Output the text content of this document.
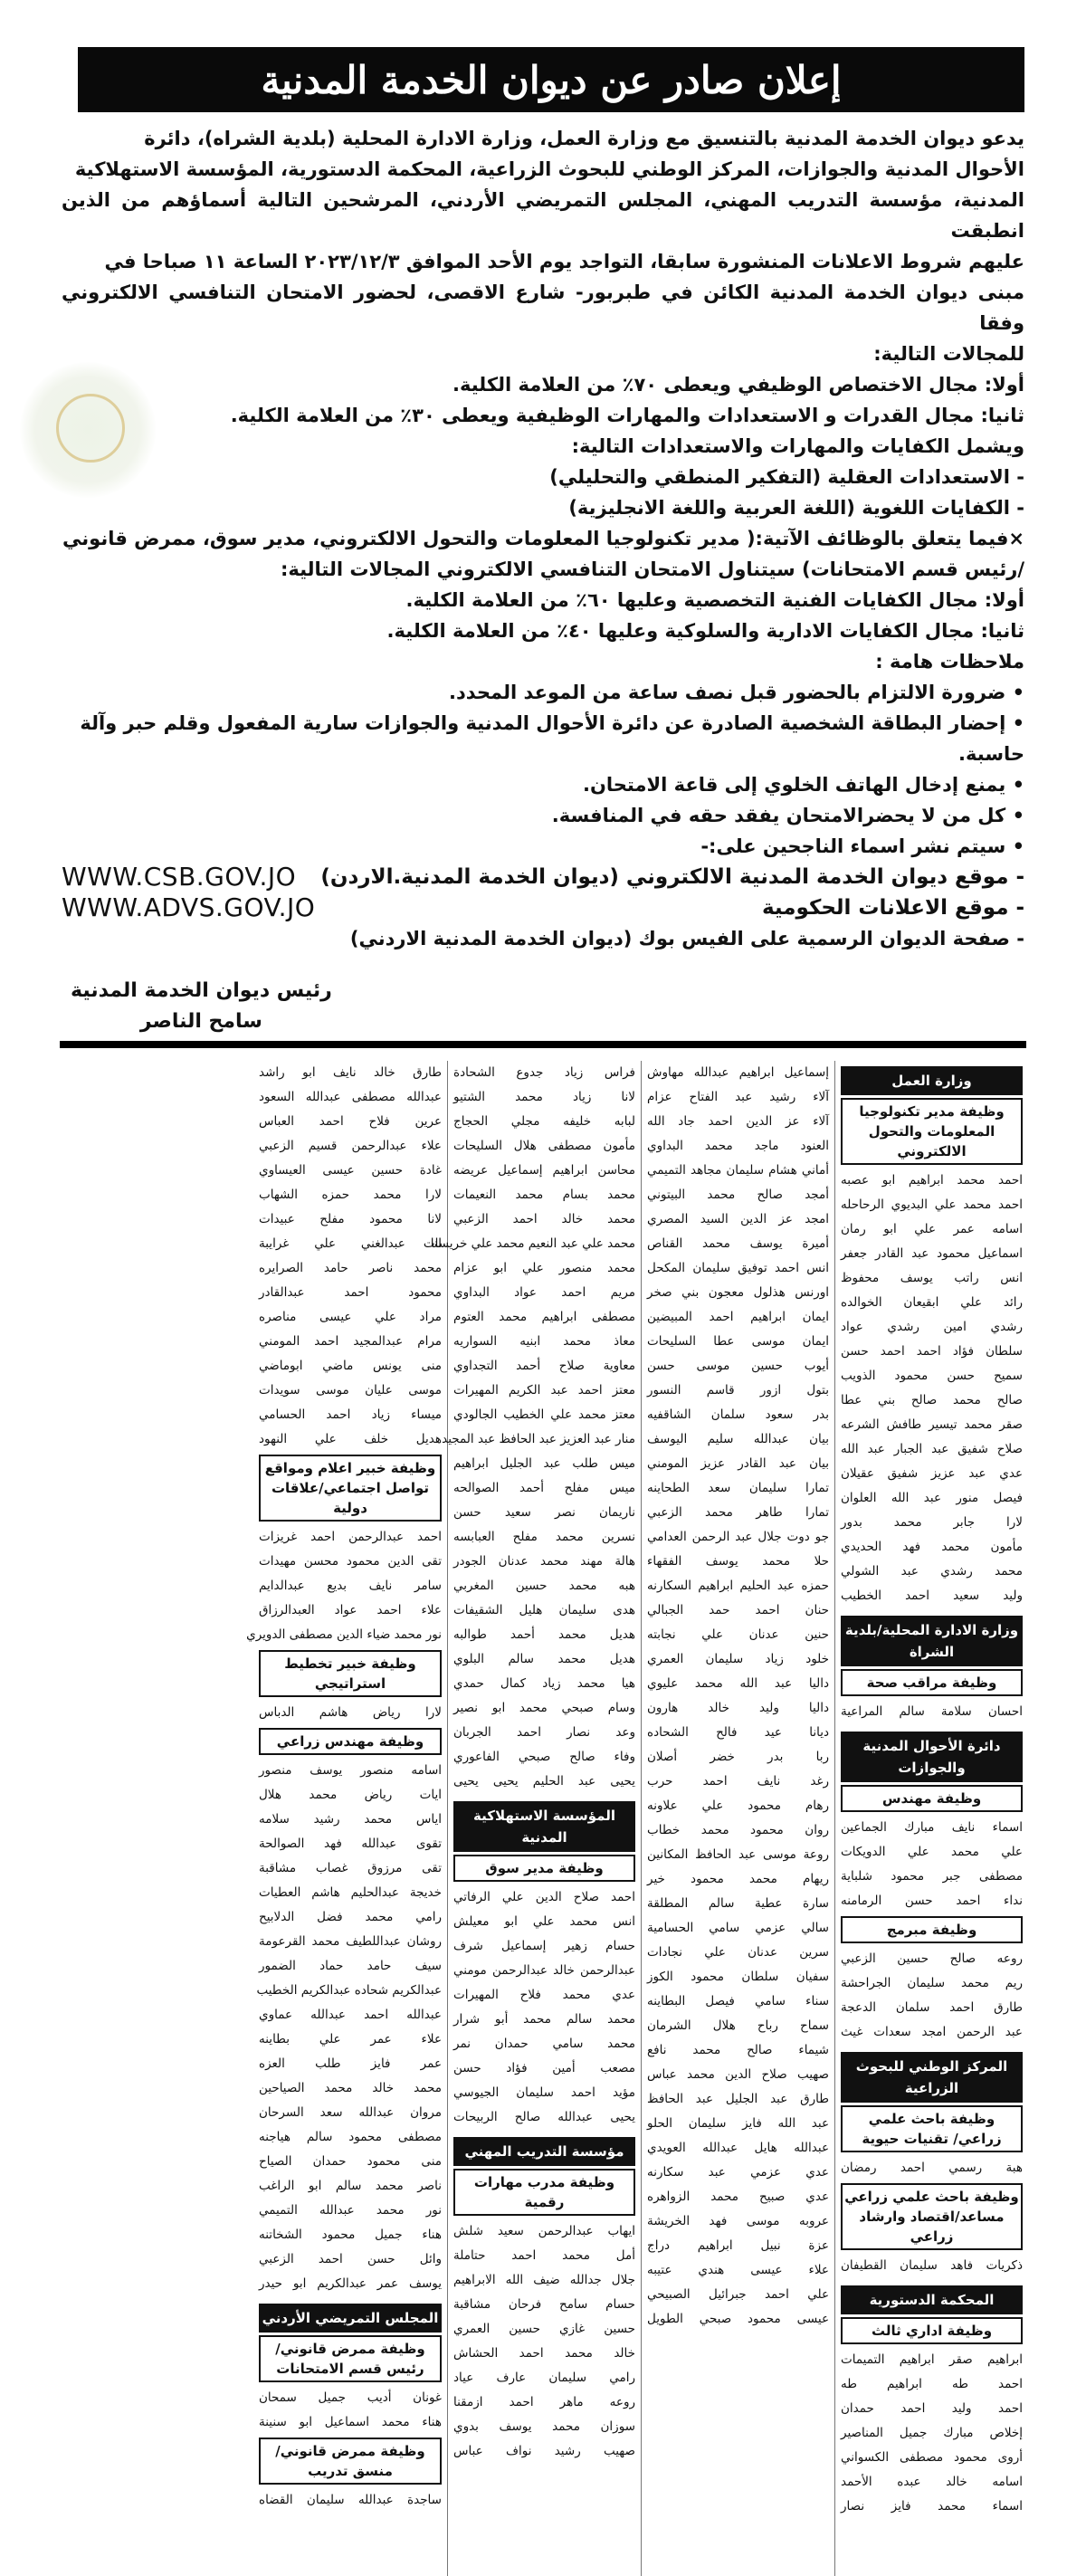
إعلان صادر عن ديوان الخدمة المدنية
يدعو ديوان الخدمة المدنية بالتنسيق مع وزارة العمل، وزارة الادارة المحلية (بلدية الشراه)، دائرة
الأحوال المدنية والجوازات، المركز الوطني للبحوث الزراعية، المحكمة الدستورية، المؤسسة الاستهلاكية
المدنية، مؤسسة التدريب المهني، المجلس التمريضي الأردني، المرشحين التالية أسماؤهم من الذين انطبقت
عليهم شروط الاعلانات المنشورة سابقا، التواجد يوم الأحد الموافق ٢٠٢٣/١٢/٣ الساعة ١١ صباحا في
مبنى ديوان الخدمة المدنية الكائن في طبربور- شارع الاقصى، لحضور الامتحان التنافسي الالكتروني وفقا
للمجالات التالية:
أولا: مجال الاختصاص الوظيفي ويعطى ٧٠٪ من العلامة الكلية.
ثانيا: مجال القدرات و الاستعدادات والمهارات الوظيفية ويعطى ٣٠٪ من العلامة الكلية.
ويشمل الكفايات والمهارات والاستعدادات التالية:
- الاستعدادات العقلية (التفكير المنطقي والتحليلي)
- الكفايات اللغوية (اللغة العربية واللغة الانجليزية)
×فيما يتعلق بالوظائف الآتية:( مدير تكنولوجيا المعلومات والتحول الالكتروني، مدير سوق، ممرض قانوني
/رئيس قسم الامتحانات) سيتناول الامتحان التنافسي الالكتروني المجالات التالية:
أولا: مجال الكفايات الفنية التخصصية وعليها ٦٠٪ من العلامة الكلية.
ثانيا: مجال الكفايات الادارية والسلوكية وعليها ٤٠٪ من العلامة الكلية.
ملاحظات هامة :
• ضرورة الالتزام بالحضور قبل نصف ساعة من الموعد المحدد.
• إحضار البطاقة الشخصية الصادرة عن دائرة الأحوال المدنية والجوازات سارية المفعول وقلم حبر وآلة
حاسبة.
• يمنع إدخال الهاتف الخلوي إلى قاعة الامتحان.
• كل من لا يحضرالامتحان يفقد حقه في المنافسة.
• سيتم نشر اسماء الناجحين على:-
- موقع ديوان الخدمة المدنية الالكتروني (ديوان الخدمة المدنية.الاردن)
WWW.CSB.GOV.JO
- موقع الاعلانات الحكومية
WWW.ADVS.GOV.JO
- صفحة الديوان الرسمية على الفيس بوك (ديوان الخدمة المدنية الاردني)
رئيس ديوان الخدمة المدنية
سامح الناصر
وزارة العمل
وظيفة مدير تكنولوجيا المعلومات والتحول الالكتروني
احمد محمد ابراهيم ابو عصبه
احمد محمد علي البديوي الرحاحله
اسامه عمر علي ابو رمان
اسماعيل محمود عبد القادر جعفر
انس راتب يوسف محفوظ
رائد علي ابقيعان الخوالده
رشدي امين رشدي عواد
سلطان فؤاد احمد احمد حسن
سميح حسن محمود الذويب
صالح محمد صالح بني عطا
صقر محمد تيسير طافش الشرعه
صلاح شفيق عبد الجبار عبد الله
عدي عبد عزيز شفيق عقيلان
فيصل منور عبد الله العلوان
لارا جابر محمد بدور
مأمون محمد فهد الحديدي
محمد رشدي عبد الشولي
وليد سعيد احمد الخطيب
وزارة الادارة المحلية/بلدية الشراة
وظيفة مراقب صحة
احسان سلامة سالم المراعية
دائرة الأحوال المدنية والجوازات
وظيفة مهندس
اسماء نايف مبارك الجماعين
علي محمد علي الدويكات
مصطفى جبر محمود شلباية
نداء احمد حسن الرمامنه
وظيفة مبرمج
روعه صالح حسين الزعبي
ريم محمد سليمان الجراحشة
طارق احمد سلمان الدعجة
عبد الرحمن امجد سعدات غيث
المركز الوطني للبحوث الزراعية
وظيفة باحث علمي زراعي/ تقنيات حيوية
هبة رسمي احمد رمضان
وظيفة باحث علمي زراعي مساعد/اقتصاد وارشاد زراعي
ذكريات فاهد سليمان القطيفان
المحكمة الدستورية
وظيفة اداري ثالث
ابراهيم صقر ابراهيم التميمات
احمد طه ابراهيم طه
احمد وليد احمد حمدان
إخلاص مبارك جميل المناصير
أروى محمود مصطفى الكسواني
اسامه خالد عبده الأحمد
اسماء محمد فايز نصار
إسماعيل ابراهيم عبدالله مهاوش
آلاء رشيد عبد الفتاح عزام
آلاء عز الدين احمد جاد الله
العنود ماجد محمد البداوي
أماني هشام سليمان مجاهد التميمي
أمجد صالح محمد البيتوني
امجد عز الدين السيد المصري
أميرة يوسف محمد القناص
انس احمد توفيق سليمان المكحل
اورنس هذلول معجون بني صخر
ايمان ابراهيم احمد المبيضين
ايمان موسى عطا السليحات
أيوب حسين موسى حسن
بتول ازور قاسم النسور
بدر سعود سلمان الشاقفيه
بيان عبدالله سليم اليوسف
بيان عبد القادر عزيز المومني
تمارا سليمان سعد الطحاينه
تمارا طاهر محمد الزعبي
جو دوت جلال عبد الرحمن العدامي
حلا محمد يوسف الفقهاء
حمزه عبد الحليم ابراهيم السكارنه
حنان احمد حمد الجبالي
حنين عدنان علي نجابته
خلود زياد سليمان العمري
داليا عبد الله محمد عليوي
داليا وليد خالد هارون
ديانا عيد فالح الشحاده
ربا بدر خضر أصلان
رغد نايف احمد حرب
رهام محمود علي علاونه
روان محمود محمد خطاب
روعة موسى عبد الحافظ المكانين
ريهام محمد محمود خير
سارة عطية سالم المطلقة
سالي عزمي سامي الحسامية
سرين عدنان علي نجادات
سفيان سلطان محمود الكوز
سناء سامي فيصل البطاينه
سماح رباح هلال الشرمان
شيماء صالح محمد نافع
صهيب صلاح الدين محمد عباس
طارق عبد الجليل عبد الحافظ
عبد الله فايز سليمان الحلو
عبدالله هايل عبدالله العويدي
عدي عزمي عبد سكارنه
عدي صبيح محمد الزواهره
عروبه موسى فهد الخريشة
عزة نبيل ابراهيم دراج
علاء عيسى هندي عتيبه
علي احمد جبرائيل الصبيحي
عيسى محمود صبحي الطويل
فراس زياد جدوع الشحادة
لانا زياد محمد الشتيو
لبابه خليفه مجلي الحجاج
مأمون مصطفى هلال السليحات
محاسن ابراهيم إسماعيل عريضه
محمد بسام محمد النعيمات
محمد خالد احمد الزعبي
محمد علي عبد النعيم محمد علي خريسات
محمد منصور علي ابو عزام
مريم احمد عواد البداوي
مصطفى ابراهيم محمد العتوم
معاذ محمد ابنيه السواريه
معاوية صلاح أحمد التجداوي
معتز احمد عبد الكريم المهيرات
معتز محمد علي الخطيب الجالودي
منار عبد العزيز عبد الحافظ عبد المجيد
ميس طلب عبد الجليل ابراهيم
ميس مفلح أحمد الصوالحه
ناريمان نصر سعيد حسن
نسرين محمد مفلح العبابسه
هالة مهند محمد عدنان الجودر
هبه محمد حسين المغربي
هدى سليمان هليل الشقيفات
هديل محمد أحمد طوالبه
هديل محمد سالم البلوي
هيا محمد زياد كمال حمدي
وسام صبحي محمد ابو نصير
وعد نصار احمد الجربان
وفاء صالح صبحي الفاعوري
يحيى عبد الحليم يحيى يحيى
المؤسسة الاستهلاكية المدنية
وظيفة مدير سوق
احمد صلاح الدين علي الرفاتي
انس محمد علي ابو معيلش
حسام زهير إسماعيل شرف
عبدالرحمن خالد عبدالرحمن مومني
عدي محمد فلاح المهيرات
محمد سالم محمد أبو شرار
محمد سامي حمدان نمر
مصعب أمين فؤاد حسن
مؤيد احمد سليمان الجيوسي
يحيى عبدالله صالح الربيحات
مؤسسة التدريب المهني
وظيفة مدرب مهارات رقمية
ايهاب عبدالرحمن سعيد شلش
أمل محمد احمد حتاملة
جلال جدالله ضيف الله الابراهيم
حسام سامح فرحان مشاقبة
حسين غازي حسين العمري
خالد محمد احمد الحشاش
رامي سليمان عارف عياد
روعه ماهر احمد ازمقنا
سوزان محمد يوسف بدوي
صهيب رشيد نواف عباس
طارق خالد نايف ابو راشد
عبدالله مصطفى عبدالله السعود
عرين فلاح احمد العباس
علاء عبدالرحمن قسيم الزعبي
غادة حسين عيسى العيساوي
لارا محمد حمزه الشهاب
لانا محمود مفلح عبيدات
لنا عبدالغني علي غرايبة
محمد ناصر حامد الصرايره
محمود احمد عبدالقادر
مراد علي عيسى مناصره
مرام عبدالمجيد احمد المومني
منى يونس ماضي ابوماضي
موسى عليان موسى سويدات
ميساء زياد احمد الحسامي
هديل خلف علي النهود
وظيفة خبير اعلام ومواقع تواصل اجتماعي/علاقات دولية
احمد عبدالرحمن احمد غريزات
تقى الدين محمود محسن مهيدات
سامر نايف بديع عبدالدايم
علاء احمد عواد العبدالرزاق
نور محمد ضياء الدين مصطفى الدويري
وظيفة خبير تخطيط استراتيجي
لارا رياض هاشم الدباس
وظيفة مهندس زراعي
اسامه منصور يوسف منصور
ايات رياض محمد هلال
اياس محمد رشيد سلامه
تقوى عبدالله فهد الصوالحة
تقى مرزوق غصاب مشاقبة
خديجة عبدالحليم هاشم العطيات
رامي محمد فضل الدلابيح
روشان عبداللطيف محمد القرعومة
سيف حامد حماد الضمور
عبدالكريم شحاده عبدالكريم الخطيب
عبدالله احمد عبدالله عماوي
علاء عمر علي بطاينه
عمر فايز طلب العزه
محمد خالد محمد الصياحين
مروان عبدالله سعد السرحان
مصطفى محمود سالم هياجنه
منى محمود حمدان الصياح
ناصر محمد سالم ابو الراغب
نور محمد عبدالله التميمي
هناء جميل محمود الشخاتنه
وائل حسن احمد الزعبي
يوسف عمر عبدالكريم ابو حيدر
المجلس التمريضي الأردني
وظيفة ممرض قانوني/ رئيس قسم الامتحانات
غونان أديب جميل سمحان
هناء محمد اسماعيل ابو سنينة
وظيفة ممرض قانوني/منسق تدريب
ساجدة عبدالله سليمان القضاه
